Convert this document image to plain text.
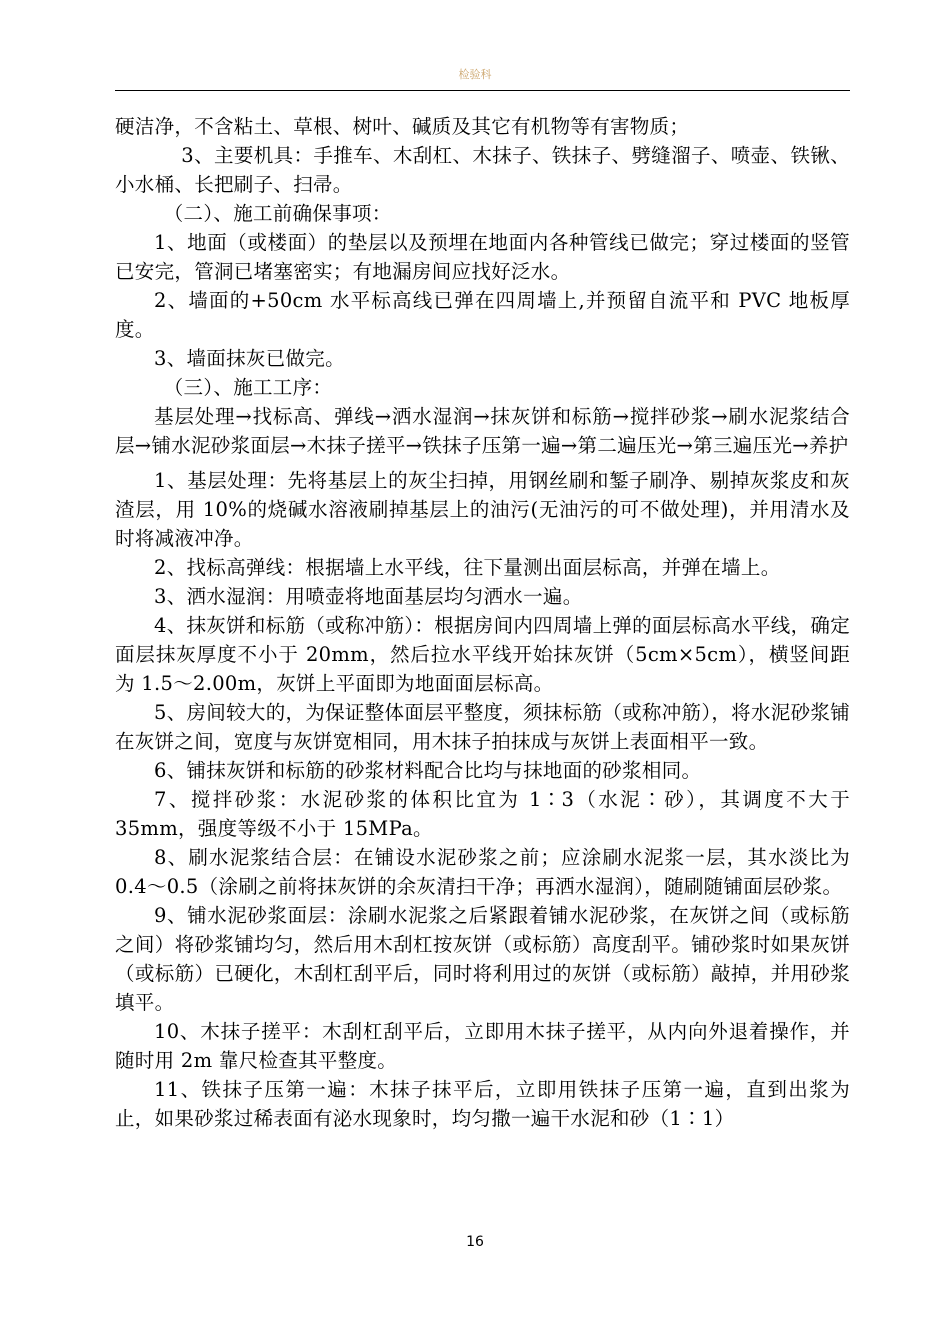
检验科

硬洁净，不含粘土、草根、树叶、碱质及其它有机物等有害物质；

3、主要机具：手推车、木刮杠、木抹子、铁抹子、劈缝溜子、喷壶、铁锹、小水桶、长把刷子、扫帚。

（二）、施工前确保事项：

1、地面（或楼面）的垫层以及预埋在地面内各种管线已做完；穿过楼面的竖管已安完，管洞已堵塞密实；有地漏房间应找好泛水。

2、墙面的+50cm 水平标高线已弹在四周墙上,并预留自流平和 PVC 地板厚度。

3、墙面抹灰已做完。

（三）、施工工序：

基层处理→找标高、弹线→洒水湿润→抹灰饼和标筋→搅拌砂浆→刷水泥浆结合层→铺水泥砂浆面层→木抹子搓平→铁抹子压第一遍→第二遍压光→第三遍压光→养护

1、基层处理：先将基层上的灰尘扫掉，用钢丝刷和錾子刷净、剔掉灰浆皮和灰渣层，用 10%的烧碱水溶液刷掉基层上的油污(无油污的可不做处理)，并用清水及时将减液冲净。

2、找标高弹线：根据墙上水平线，往下量测出面层标高，并弹在墙上。

3、洒水湿润：用喷壶将地面基层均匀洒水一遍。

4、抹灰饼和标筋（或称冲筋）：根据房间内四周墙上弹的面层标高水平线，确定面层抹灰厚度不小于 20mm，然后拉水平线开始抹灰饼（5cm×5cm），横竖间距为 1.5～2.00m，灰饼上平面即为地面面层标高。

5、房间较大的，为保证整体面层平整度，须抹标筋（或称冲筋），将水泥砂浆铺在灰饼之间，宽度与灰饼宽相同，用木抹子拍抹成与灰饼上表面相平一致。

6、铺抹灰饼和标筋的砂浆材料配合比均与抹地面的砂浆相同。

7、搅拌砂浆：水泥砂浆的体积比宜为 1∶3（水泥∶砂），其调度不大于 35mm，强度等级不小于 15MPa。

8、刷水泥浆结合层：在铺设水泥砂浆之前；应涂刷水泥浆一层，其水淡比为 0.4～0.5（涂刷之前将抹灰饼的余灰清扫干净；再洒水湿润），随刷随铺面层砂浆。

9、铺水泥砂浆面层：涂刷水泥浆之后紧跟着铺水泥砂浆，在灰饼之间（或标筋之间）将砂浆铺均匀，然后用木刮杠按灰饼（或标筋）高度刮平。铺砂浆时如果灰饼（或标筋）已硬化，木刮杠刮平后，同时将利用过的灰饼（或标筋）敲掉，并用砂浆填平。

10、木抹子搓平：木刮杠刮平后，立即用木抹子搓平，从内向外退着操作，并随时用 2m 靠尺检查其平整度。

11、铁抹子压第一遍：木抹子抹平后，立即用铁抹子压第一遍，直到出浆为止，如果砂浆过稀表面有泌水现象时，均匀撒一遍干水泥和砂（1∶1）

16
